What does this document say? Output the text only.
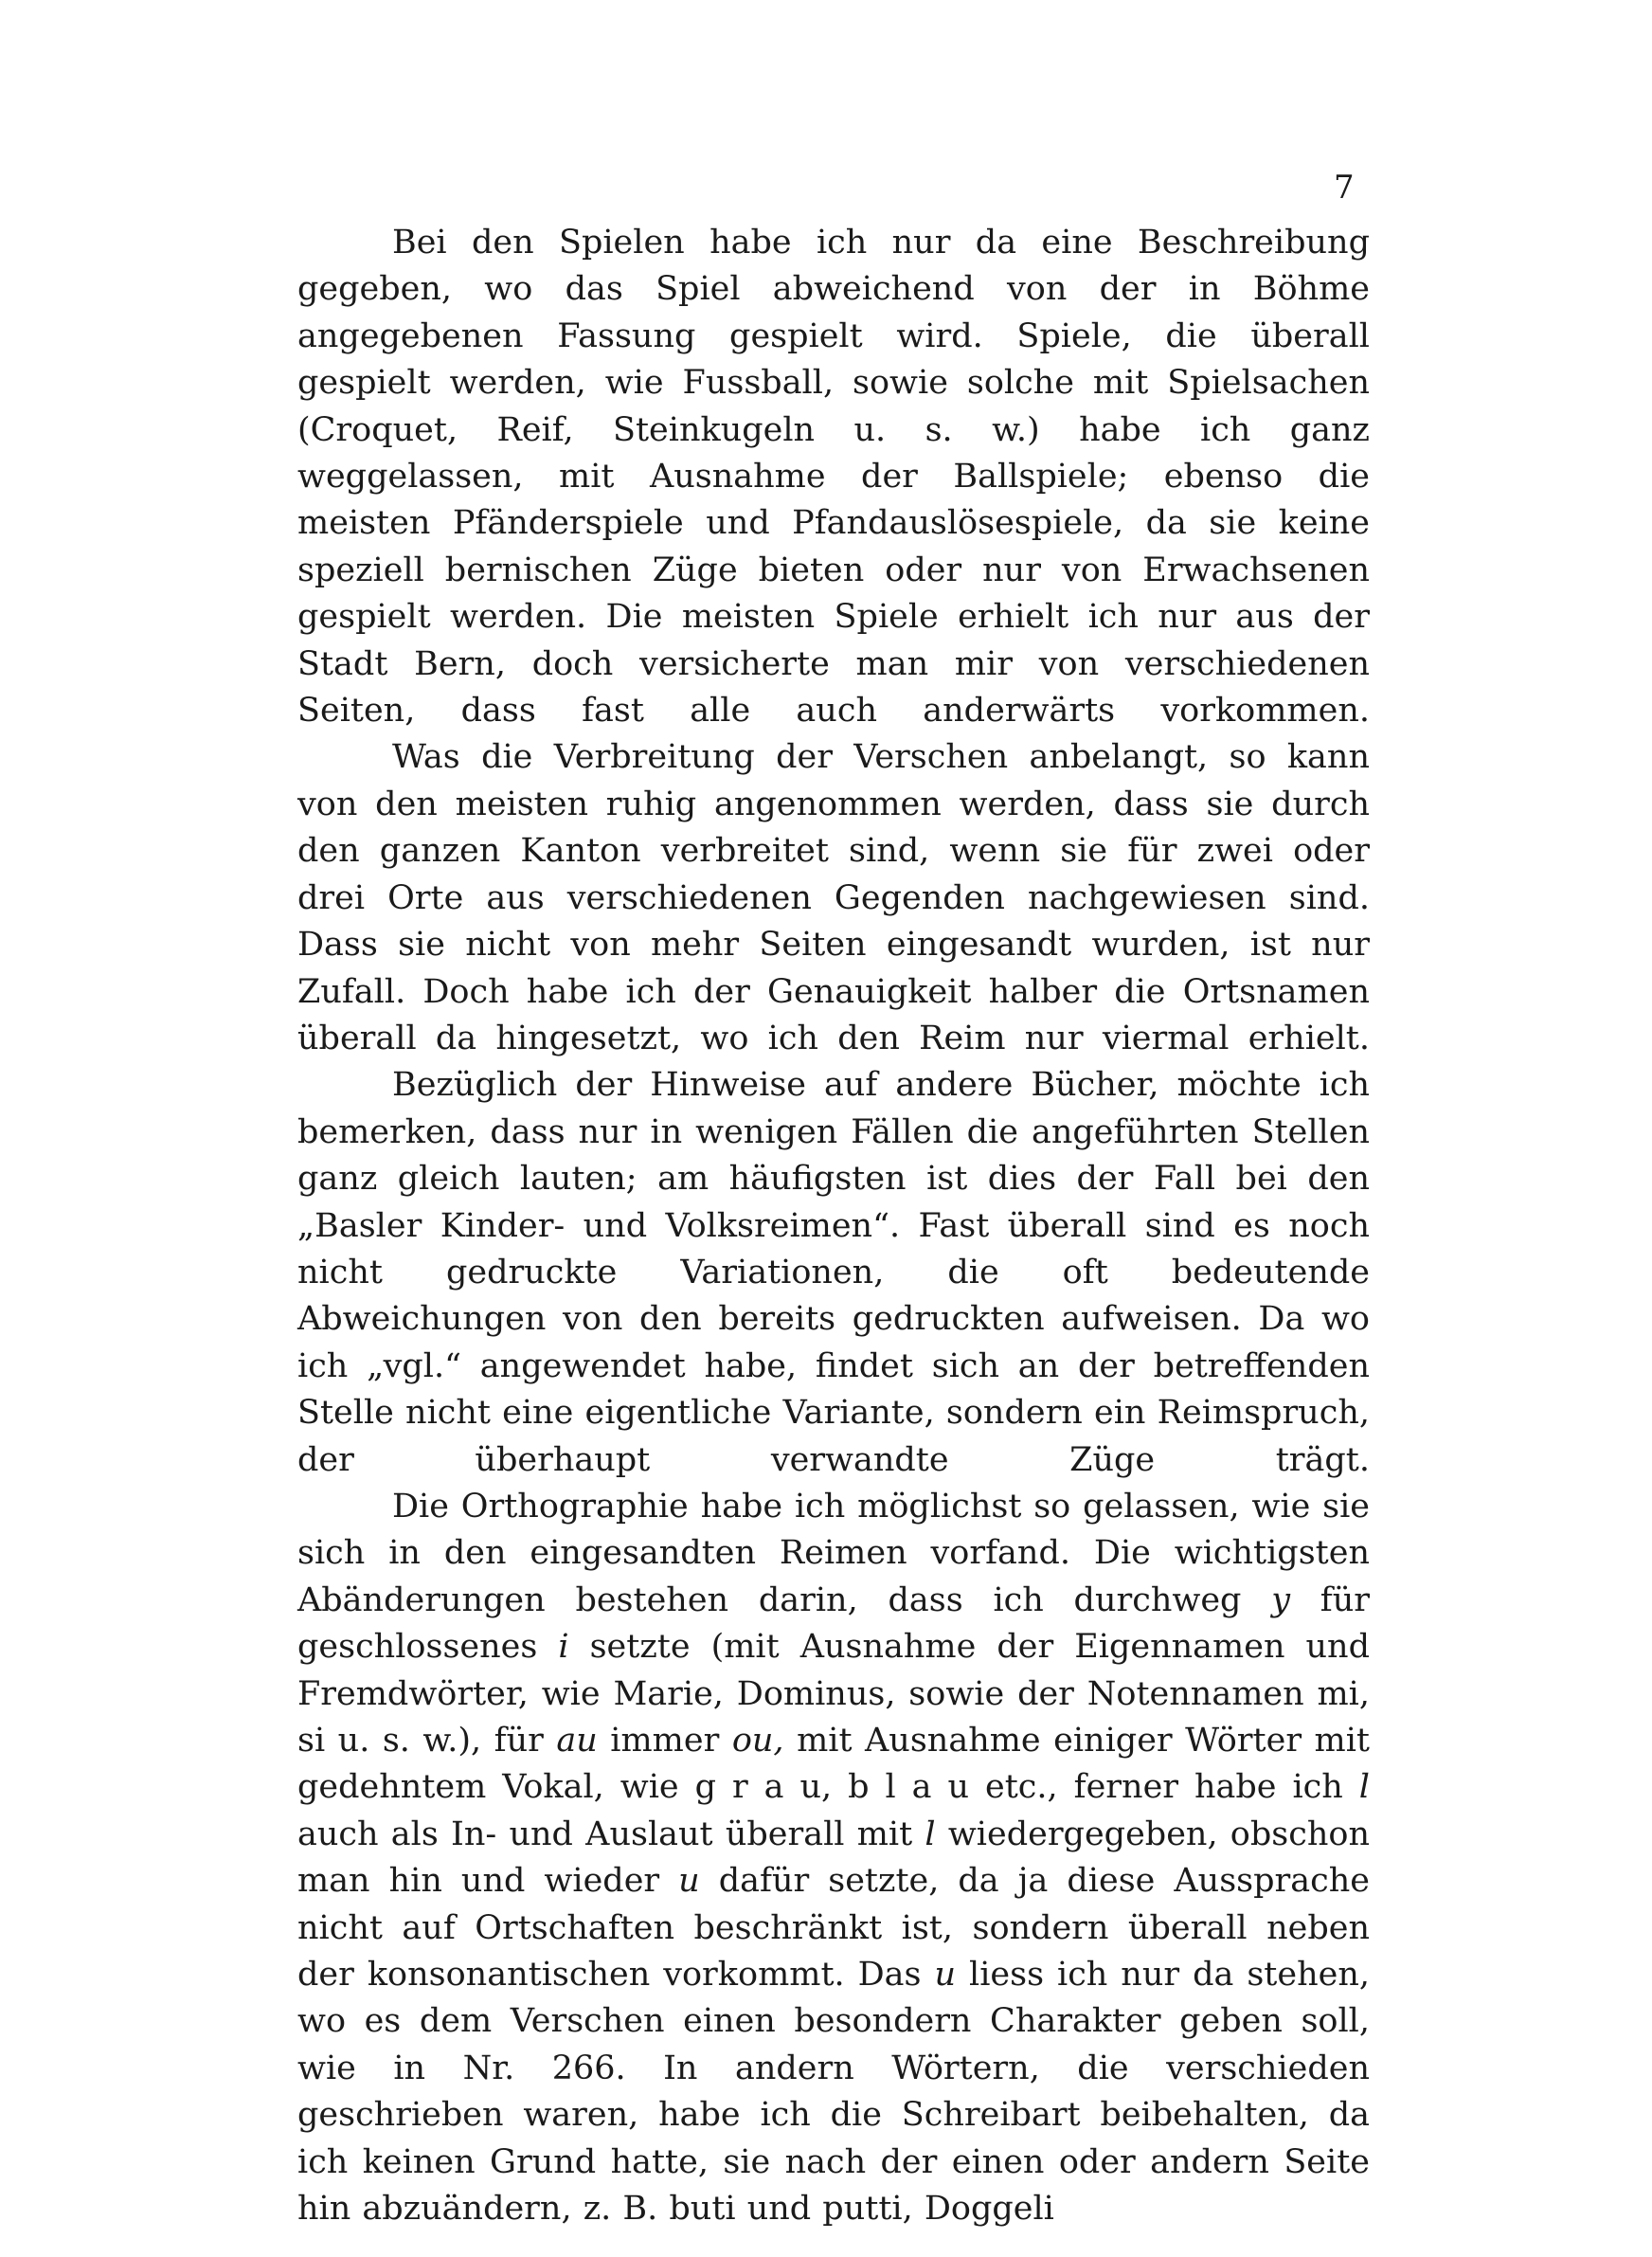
7

Bei den Spielen habe ich nur da eine Beschreibung gegeben, wo das Spiel abweichend von der in Böhme angegebenen Fassung gespielt wird. Spiele, die überall gespielt werden, wie Fussball, sowie solche mit Spielsachen (Croquet, Reif, Steinkugeln u. s. w.) habe ich ganz weggelassen, mit Ausnahme der Ballspiele; ebenso die meisten Pfänderspiele und Pfandauslösespiele, da sie keine speziell bernischen Züge bieten oder nur von Erwachsenen gespielt werden. Die meisten Spiele erhielt ich nur aus der Stadt Bern, doch versicherte man mir von verschiedenen Seiten, dass fast alle auch anderwärts vorkommen.

Was die Verbreitung der Verschen anbelangt, so kann von den meisten ruhig angenommen werden, dass sie durch den ganzen Kanton verbreitet sind, wenn sie für zwei oder drei Orte aus verschiedenen Gegenden nachgewiesen sind. Dass sie nicht von mehr Seiten eingesandt wurden, ist nur Zufall. Doch habe ich der Genauigkeit halber die Ortsnamen überall da hingesetzt, wo ich den Reim nur viermal erhielt.

Bezüglich der Hinweise auf andere Bücher, möchte ich bemerken, dass nur in wenigen Fällen die angeführten Stellen ganz gleich lauten; am häufigsten ist dies der Fall bei den „Basler Kinder- und Volksreimen“. Fast überall sind es noch nicht gedruckte Variationen, die oft bedeutende Abweichungen von den bereits gedruckten aufweisen. Da wo ich „vgl.“ angewendet habe, findet sich an der betreffenden Stelle nicht eine eigentliche Variante, sondern ein Reimspruch, der überhaupt verwandte Züge trägt.

Die Orthographie habe ich möglichst so gelassen, wie sie sich in den eingesandten Reimen vorfand. Die wichtigsten Abänderungen bestehen darin, dass ich durchweg y für geschlossenes i setzte (mit Ausnahme der Eigennamen und Fremdwörter, wie Marie, Dominus, sowie der Notennamen mi, si u. s. w.), für au immer ou, mit Ausnahme einiger Wörter mit gedehntem Vokal, wie g r a u, b l a u etc., ferner habe ich l auch als In- und Auslaut überall mit l wiedergegeben, obschon man hin und wieder u dafür setzte, da ja diese Aussprache nicht auf Ortschaften beschränkt ist, sondern überall neben der konsonantischen vorkommt. Das u liess ich nur da stehen, wo es dem Verschen einen besondern Charakter geben soll, wie in Nr. 266. In andern Wörtern, die verschieden geschrieben waren, habe ich die Schreibart beibehalten, da ich keinen Grund hatte, sie nach der einen oder andern Seite hin abzuändern, z. B. buti und putti, Doggeli
